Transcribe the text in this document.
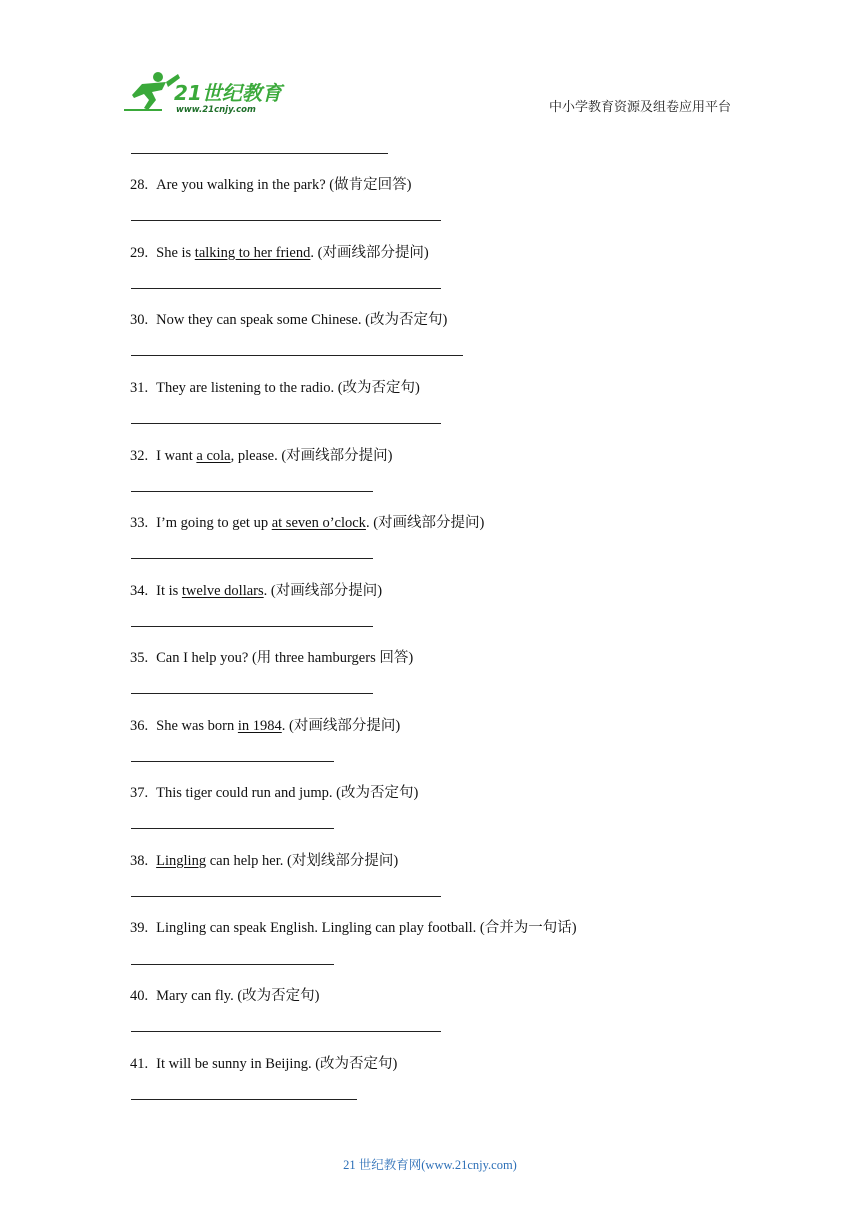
21世纪教育
www.21cnjy.com	中小学教育资源及组卷应用平台
28. Are you walking in the park? (做肯定回答)
29. She is talking to her friend. (对画线部分提问)
30. Now they can speak some Chinese. (改为否定句)
31. They are listening to the radio. (改为否定句)
32. I want a cola, please. (对画线部分提问)
33. I’m going to get up at seven o’clock. (对画线部分提问)
34. It is twelve dollars. (对画线部分提问)
35. Can I help you? (用 three hamburgers 回答)
36. She was born in 1984. (对画线部分提问)
37. This tiger could run and jump. (改为否定句)
38. Lingling can help her. (对划线部分提问)
39. Lingling can speak English. Lingling can play football. (合并为一句话)
40. Mary can fly. (改为否定句)
41. It will be sunny in Beijing. (改为否定句)
21 世纪教育网(www.21cnjy.com)
